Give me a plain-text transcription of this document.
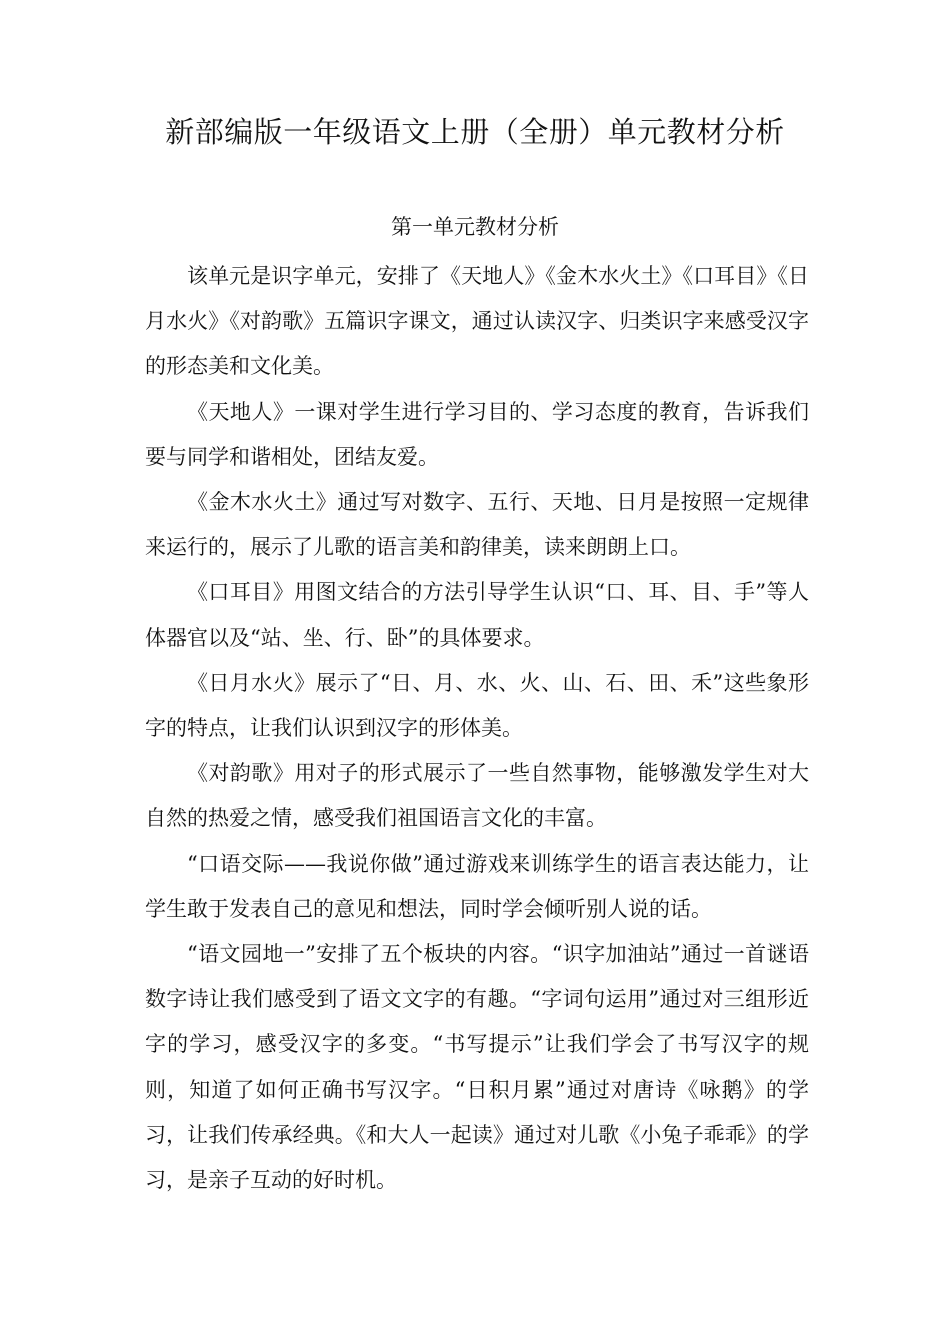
新部编版一年级语文上册（全册）单元教材分析
第一单元教材分析

该单元是识字单元，安排了《天地人》《金木水火土》《口耳目》《日月水火》《对韵歌》五篇识字课文，通过认读汉字、归类识字来感受汉字的形态美和文化美。

《天地人》一课对学生进行学习目的、学习态度的教育，告诉我们要与同学和谐相处，团结友爱。

《金木水火土》通过写对数字、五行、天地、日月是按照一定规律来运行的，展示了儿歌的语言美和韵律美，读来朗朗上口。

《口耳目》用图文结合的方法引导学生认识“口、耳、目、手”等人体器官以及“站、坐、行、卧”的具体要求。

《日月水火》展示了“日、月、水、火、山、石、田、禾”这些象形字的特点，让我们认识到汉字的形体美。

《对韵歌》用对子的形式展示了一些自然事物，能够激发学生对大自然的热爱之情，感受我们祖国语言文化的丰富。

“口语交际——我说你做”通过游戏来训练学生的语言表达能力，让学生敢于发表自己的意见和想法，同时学会倾听别人说的话。

“语文园地一”安排了五个板块的内容。“识字加油站”通过一首谜语数字诗让我们感受到了语文文字的有趣。“字词句运用”通过对三组形近字的学习，感受汉字的多变。“书写提示”让我们学会了书写汉字的规则，知道了如何正确书写汉字。“日积月累”通过对唐诗《咏鹅》的学习，让我们传承经典。《和大人一起读》通过对儿歌《小兔子乖乖》的学习，是亲子互动的好时机。
